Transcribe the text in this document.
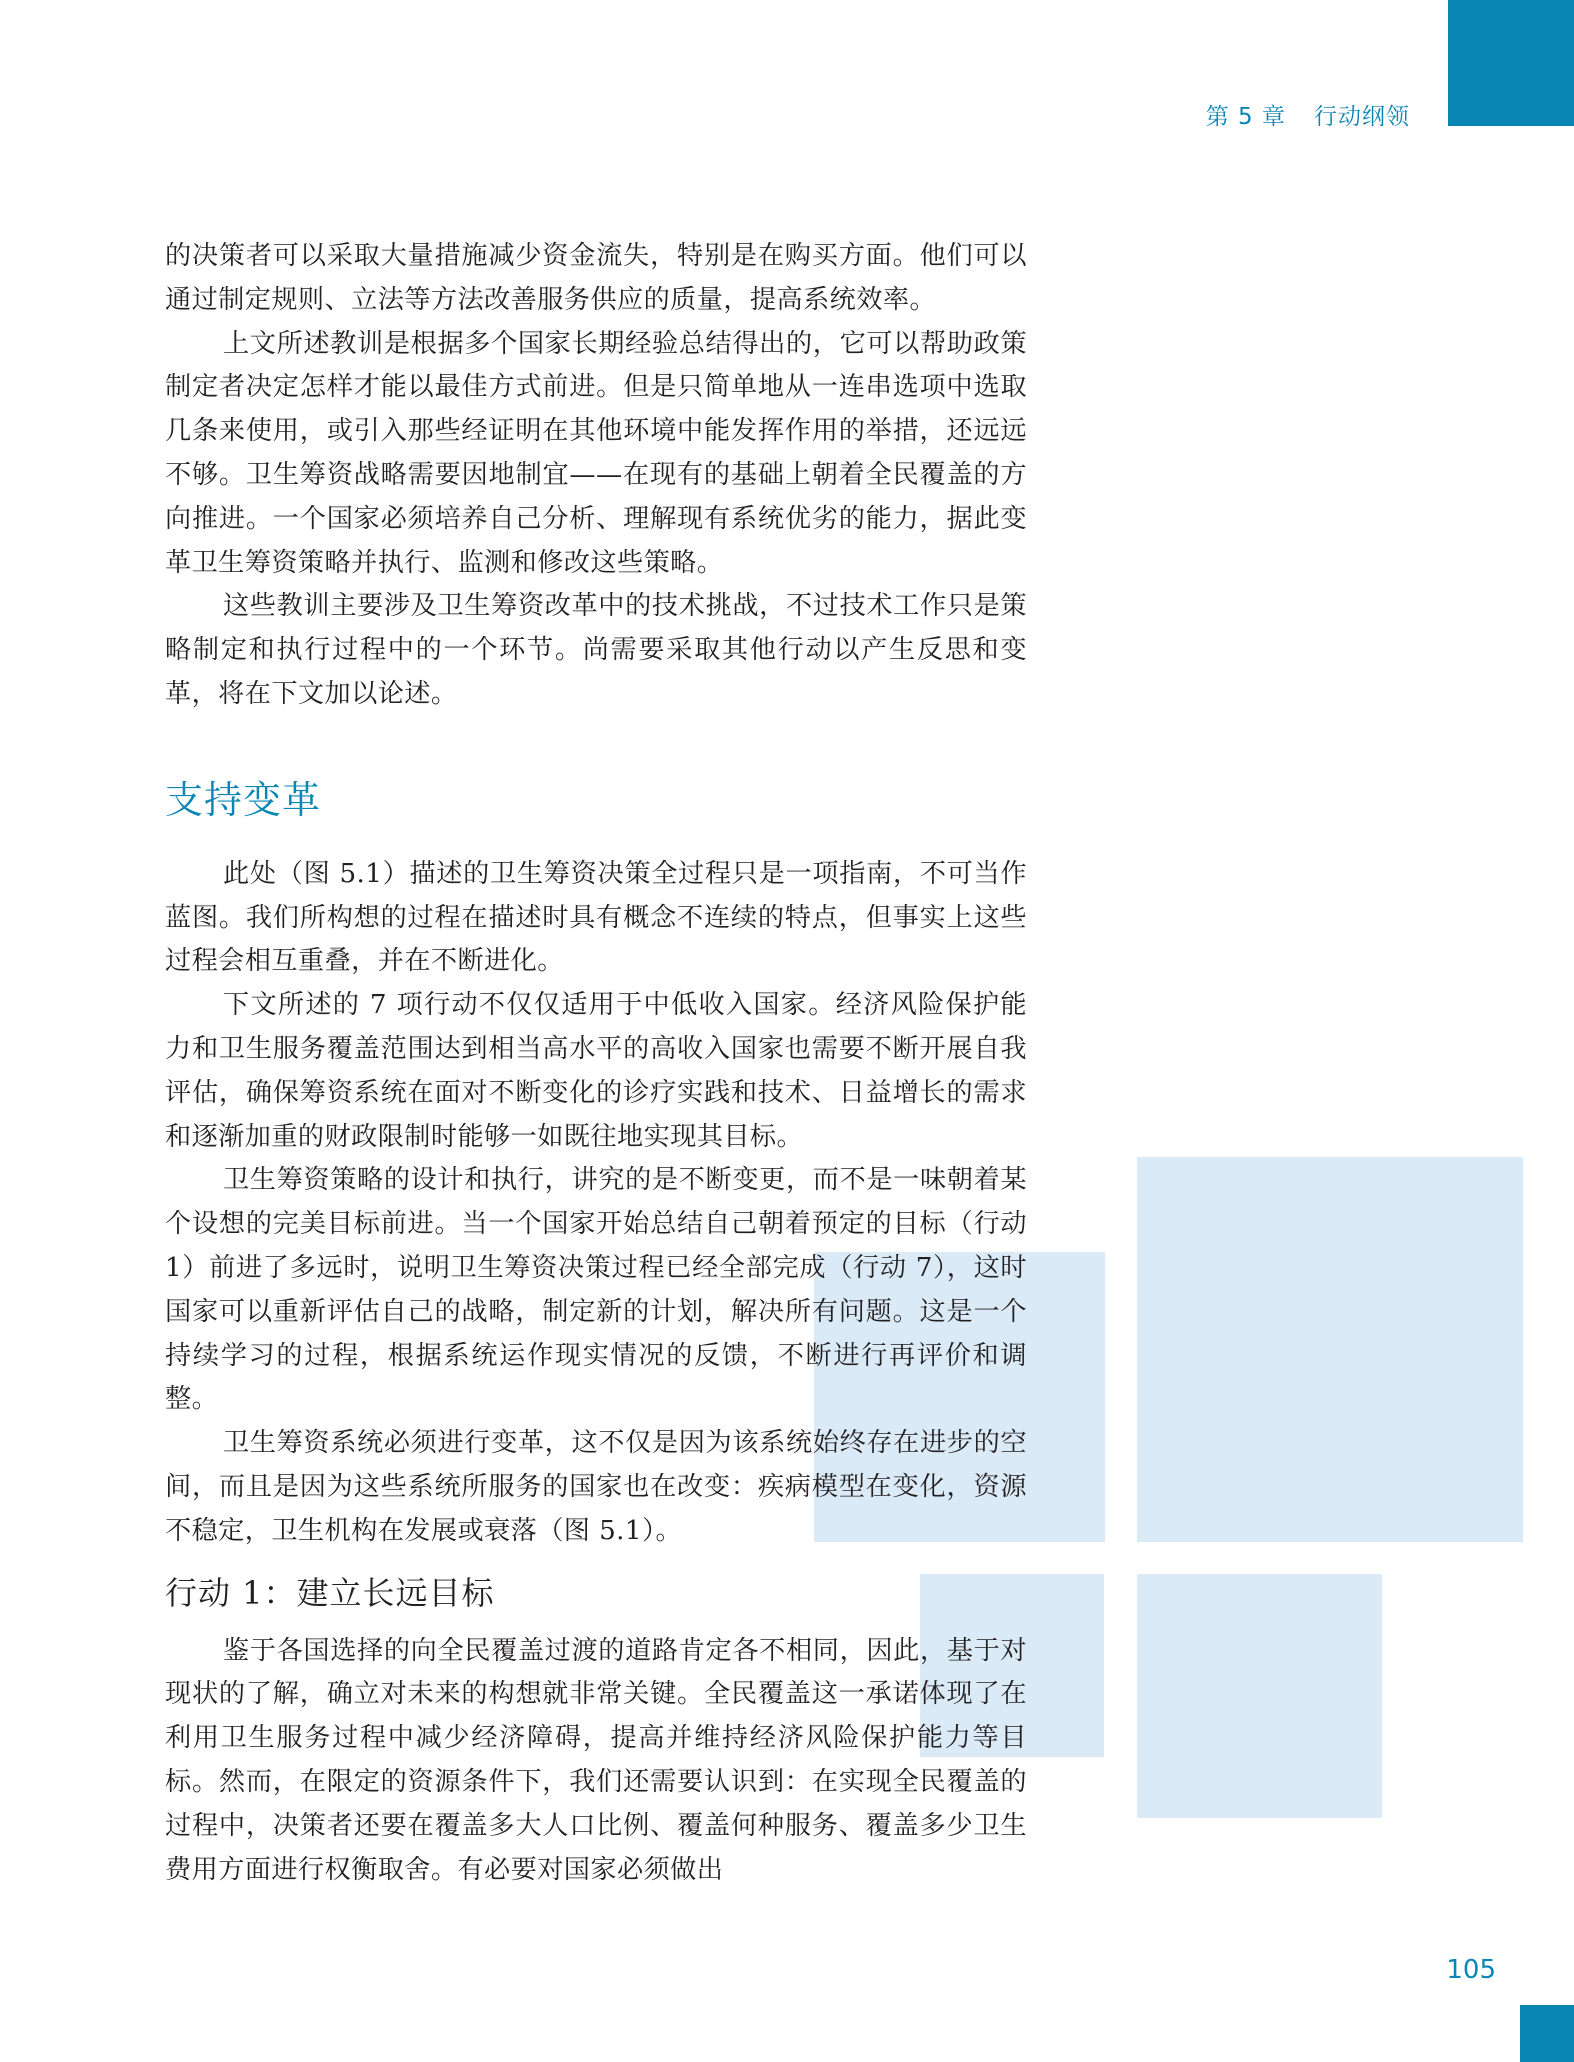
第 5 章 行动纲领

的决策者可以采取大量措施减少资金流失，特别是在购买方面。他们可以通过制定规则、立法等方法改善服务供应的质量，提高系统效率。

上文所述教训是根据多个国家长期经验总结得出的，它可以帮助政策制定者决定怎样才能以最佳方式前进。但是只简单地从一连串选项中选取几条来使用，或引入那些经证明在其他环境中能发挥作用的举措，还远远不够。卫生筹资战略需要因地制宜——在现有的基础上朝着全民覆盖的方向推进。一个国家必须培养自己分析、理解现有系统优劣的能力，据此变革卫生筹资策略并执行、监测和修改这些策略。

这些教训主要涉及卫生筹资改革中的技术挑战，不过技术工作只是策略制定和执行过程中的一个环节。尚需要采取其他行动以产生反思和变革，将在下文加以论述。

支持变革

此处（图 5.1）描述的卫生筹资决策全过程只是一项指南，不可当作蓝图。我们所构想的过程在描述时具有概念不连续的特点，但事实上这些过程会相互重叠，并在不断进化。

下文所述的 7 项行动不仅仅适用于中低收入国家。经济风险保护能力和卫生服务覆盖范围达到相当高水平的高收入国家也需要不断开展自我评估，确保筹资系统在面对不断变化的诊疗实践和技术、日益增长的需求和逐渐加重的财政限制时能够一如既往地实现其目标。

卫生筹资策略的设计和执行，讲究的是不断变更，而不是一味朝着某个设想的完美目标前进。当一个国家开始总结自己朝着预定的目标（行动 1）前进了多远时，说明卫生筹资决策过程已经全部完成（行动 7），这时国家可以重新评估自己的战略，制定新的计划，解决所有问题。这是一个持续学习的过程，根据系统运作现实情况的反馈，不断进行再评价和调整。

卫生筹资系统必须进行变革，这不仅是因为该系统始终存在进步的空间，而且是因为这些系统所服务的国家也在改变：疾病模型在变化，资源不稳定，卫生机构在发展或衰落（图 5.1）。

行动 1：建立长远目标

鉴于各国选择的向全民覆盖过渡的道路肯定各不相同，因此，基于对现状的了解，确立对未来的构想就非常关键。全民覆盖这一承诺体现了在利用卫生服务过程中减少经济障碍，提高并维持经济风险保护能力等目标。然而，在限定的资源条件下，我们还需要认识到：在实现全民覆盖的过程中，决策者还要在覆盖多大人口比例、覆盖何种服务、覆盖多少卫生费用方面进行权衡取舍。有必要对国家必须做出

105
